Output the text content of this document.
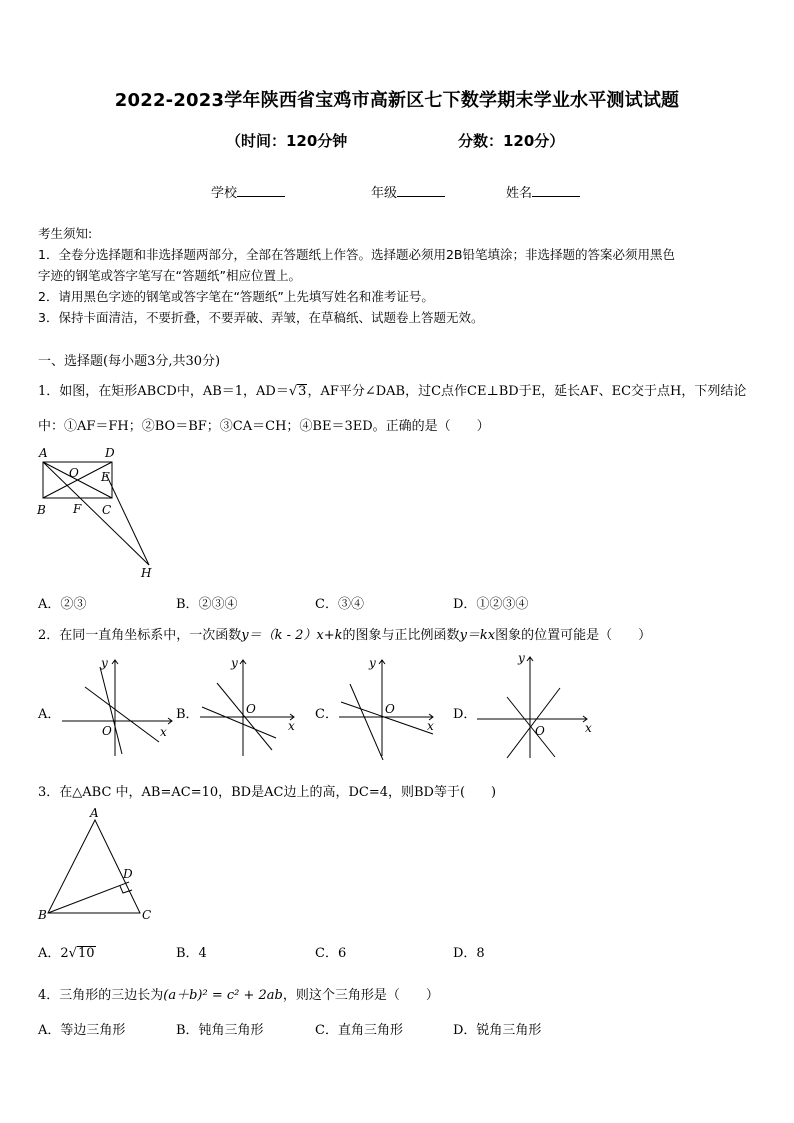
2022-2023学年陕西省宝鸡市高新区七下数学期末学业水平测试试题
（时间：120分钟	分数：120分）
学校	年级	姓名
考生须知:
1．全卷分选择题和非选择题两部分，全部在答题纸上作答。选择题必须用2B铅笔填涂；非选择题的答案必须用黑色
字迹的钢笔或答字笔写在“答题纸”相应位置上。
2．请用黑色字迹的钢笔或答字笔在“答题纸”上先填写姓名和准考证号。
3．保持卡面清洁，不要折叠，不要弄破、弄皱，在草稿纸、试题卷上答题无效。
一、选择题(每小题3分,共30分)
1．如图，在矩形ABCD中，AB＝1，AD＝√3，AF平分∠DAB，过C点作CE⊥BD于E，延长AF、EC交于点H，下列结论
中：①AF＝FH；②BO＝BF；③CA＝CH；④BE＝3ED。正确的是（　　）
A	D
O E
B F C
H
A．②③	B．②③④	C．③④	D．①②③④
2．在同一直角坐标系中，一次函数y＝（k - 2）x+k的图象与正比例函数y＝kx图象的位置可能是（　　）
A．	B．	C．	D．
y
x
O
y
x
O
y
x
O
y
x
O
3．在△ABC 中，AB=AC=10，BD是AC边上的高，DC=4，则BD等于(　　)
A
B	C
D
A．2√10	B．4	C．6	D．8
4．三角形的三边长为(a＋b)² = c² + 2ab，则这个三角形是（　　）
A．等边三角形	B．钝角三角形	C．直角三角形	D．锐角三角形
